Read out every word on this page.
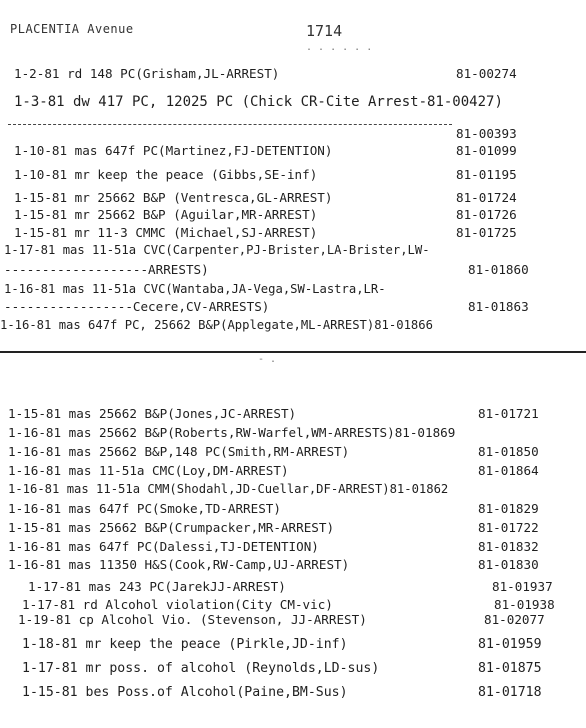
PLACENTIA Avenue	1714
. . . . . .
1-2-81 rd 148 PC(Grisham,JL-ARREST)	81-00274
1-3-81 dw 417 PC, 12025 PC (Chick CR-Cite Arrest-81-00427)
81-00393
1-10-81 mas 647f PC(Martinez,FJ-DETENTION)	81-01099
1-10-81 mr keep the peace (Gibbs,SE-inf)	81-01195
1-15-81 mr 25662 B&P (Ventresca,GL-ARREST)	81-01724
1-15-81 mr 25662 B&P (Aguilar,MR-ARREST)	81-01726
1-15-81 mr 11-3 CMMC (Michael,SJ-ARREST)	81-01725
1-17-81 mas 11-51a CVC(Carpenter,PJ-Brister,LA-Brister,LW-
-------------------ARRESTS)	81-01860
1-16-81 mas 11-51a CVC(Wantaba,JA-Vega,SW-Lastra,LR-
-----------------Cecere,CV-ARRESTS)	81-01863
1-16-81 mas 647f PC, 25662 B&P(Applegate,ML-ARREST)81-01866
- .
1-15-81 mas 25662 B&P(Jones,JC-ARREST)	81-01721
1-16-81 mas 25662 B&P(Roberts,RW-Warfel,WM-ARRESTS)81-01869
1-16-81 mas 25662 B&P,148 PC(Smith,RM-ARREST)	81-01850
1-16-81 mas 11-51a CMC(Loy,DM-ARREST)	81-01864
1-16-81 mas 11-51a CMM(Shodahl,JD-Cuellar,DF-ARREST)81-01862
1-16-81 mas 647f PC(Smoke,TD-ARREST)	81-01829
1-15-81 mas 25662 B&P(Crumpacker,MR-ARREST)	81-01722
1-16-81 mas 647f PC(Dalessi,TJ-DETENTION)	81-01832
1-16-81 mas 11350 H&S(Cook,RW-Camp,UJ-ARREST)	81-01830
1-17-81 mas 243 PC(JarekJJ-ARREST)	81-01937
1-17-81 rd Alcohol violation(City CM-vic)	81-01938
1-19-81 cp Alcohol Vio. (Stevenson, JJ-ARREST)	81-02077
1-18-81 mr keep the peace (Pirkle,JD-inf)	81-01959
1-17-81 mr poss. of alcohol (Reynolds,LD-sus)	81-01875
1-15-81 bes Poss.of Alcohol(Paine,BM-Sus)	81-01718
